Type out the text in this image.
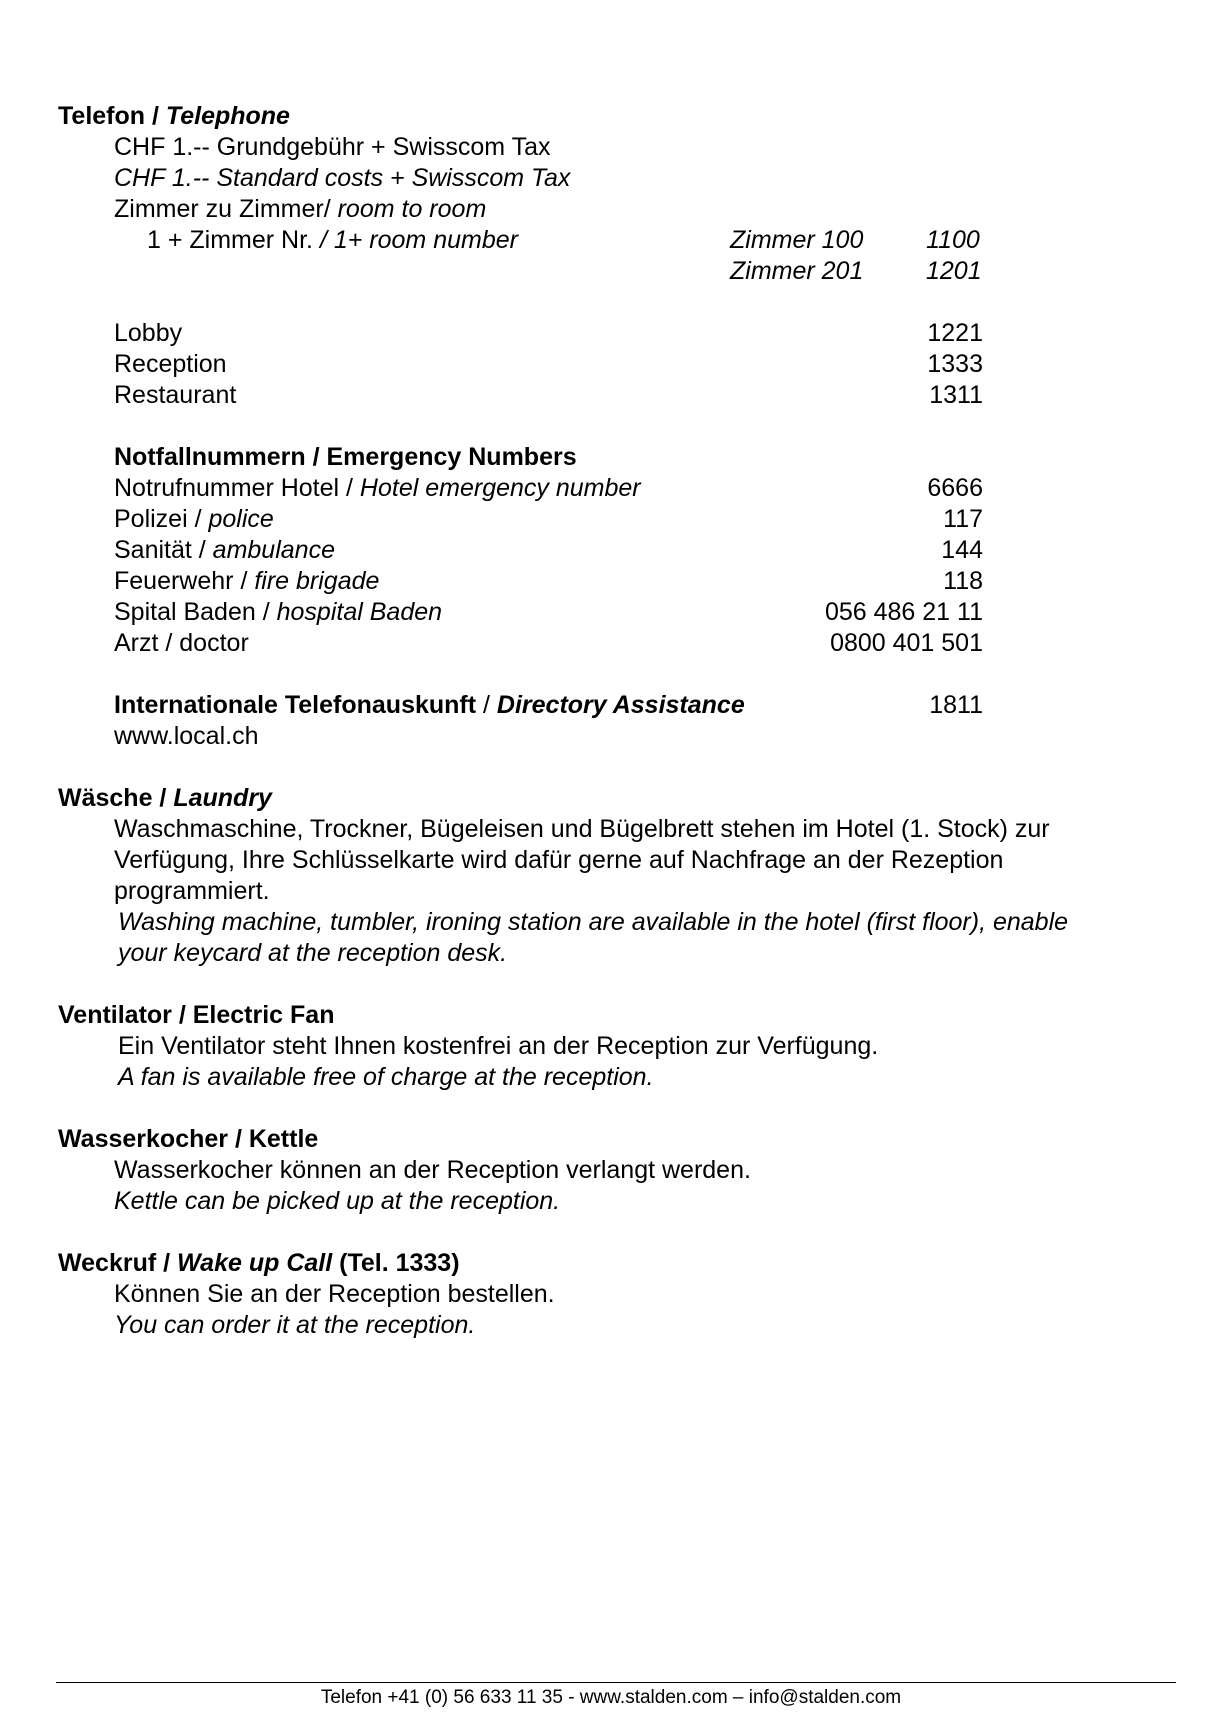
Telefon / Telephone
CHF 1.-- Grundgebühr + Swisscom Tax
CHF 1.-- Standard costs + Swisscom Tax
Zimmer zu Zimmer/ room to room
1 + Zimmer Nr. / 1+ room number	Zimmer 100	1100
Zimmer 201	1201
Lobby	1221
Reception	1333
Restaurant	1311
Notfallnummern / Emergency Numbers
Notrufnummer Hotel / Hotel emergency number	6666
Polizei / police	117
Sanität / ambulance	144
Feuerwehr / fire brigade	118
Spital Baden / hospital Baden	056 486 21 11
Arzt / doctor	0800 401 501
Internationale Telefonauskunft / Directory Assistance	1811
www.local.ch
Wäsche / Laundry
Waschmaschine, Trockner, Bügeleisen und Bügelbrett stehen im Hotel (1. Stock) zur
Verfügung, Ihre Schlüsselkarte wird dafür gerne auf Nachfrage an der Rezeption
programmiert.
Washing machine, tumbler, ironing station are available in the hotel (first floor), enable
your keycard at the reception desk.
Ventilator / Electric Fan
Ein Ventilator steht Ihnen kostenfrei an der Reception zur Verfügung.
A fan is available free of charge at the reception.
Wasserkocher / Kettle
Wasserkocher können an der Reception verlangt werden.
Kettle can be picked up at the reception.
Weckruf / Wake up Call (Tel. 1333)
Können Sie an der Reception bestellen.
You can order it at the reception.
Telefon +41 (0) 56 633 11 35 - www.stalden.com – info@stalden.com
